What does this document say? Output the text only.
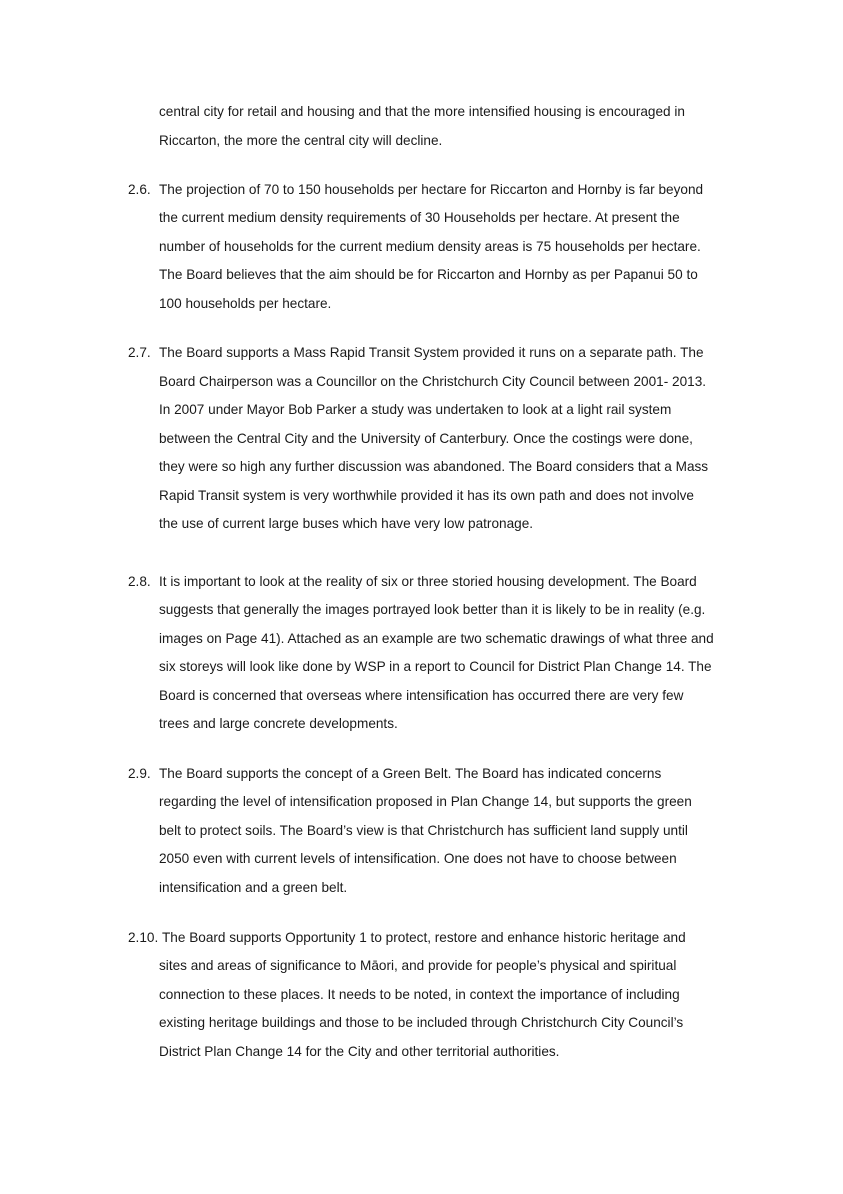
central city for retail and housing and that the more intensified housing is encouraged in
Riccarton, the more the central city will decline.
2.6. The projection of 70 to 150 households per hectare for Riccarton and Hornby is far beyond
the current medium density requirements of 30 Households per hectare. At present the
number of households for the current medium density areas is 75 households per hectare.
The Board believes that the aim should be for Riccarton and Hornby as per Papanui 50 to
100 households per hectare.
2.7. The Board supports a Mass Rapid Transit System provided it runs on a separate path. The
Board Chairperson was a Councillor on the Christchurch City Council between 2001- 2013.
In 2007 under Mayor Bob Parker a study was undertaken to look at a light rail system
between the Central City and the University of Canterbury. Once the costings were done,
they were so high any further discussion was abandoned. The Board considers that a Mass
Rapid Transit system is very worthwhile provided it has its own path and does not involve
the use of current large buses which have very low patronage.
2.8. It is important to look at the reality of six or three storied housing development. The Board
suggests that generally the images portrayed look better than it is likely to be in reality (e.g.
images on Page 41). Attached as an example are two schematic drawings of what three and
six storeys will look like done by WSP in a report to Council for District Plan Change 14. The
Board is concerned that overseas where intensification has occurred there are very few
trees and large concrete developments.
2.9. The Board supports the concept of a Green Belt. The Board has indicated concerns
regarding the level of intensification proposed in Plan Change 14, but supports the green
belt to protect soils. The Board’s view is that Christchurch has sufficient land supply until
2050 even with current levels of intensification. One does not have to choose between
intensification and a green belt.
2.10. The Board supports Opportunity 1 to protect, restore and enhance historic heritage and
sites and areas of significance to Māori, and provide for people’s physical and spiritual
connection to these places. It needs to be noted, in context the importance of including
existing heritage buildings and those to be included through Christchurch City Council’s
District Plan Change 14 for the City and other territorial authorities.
